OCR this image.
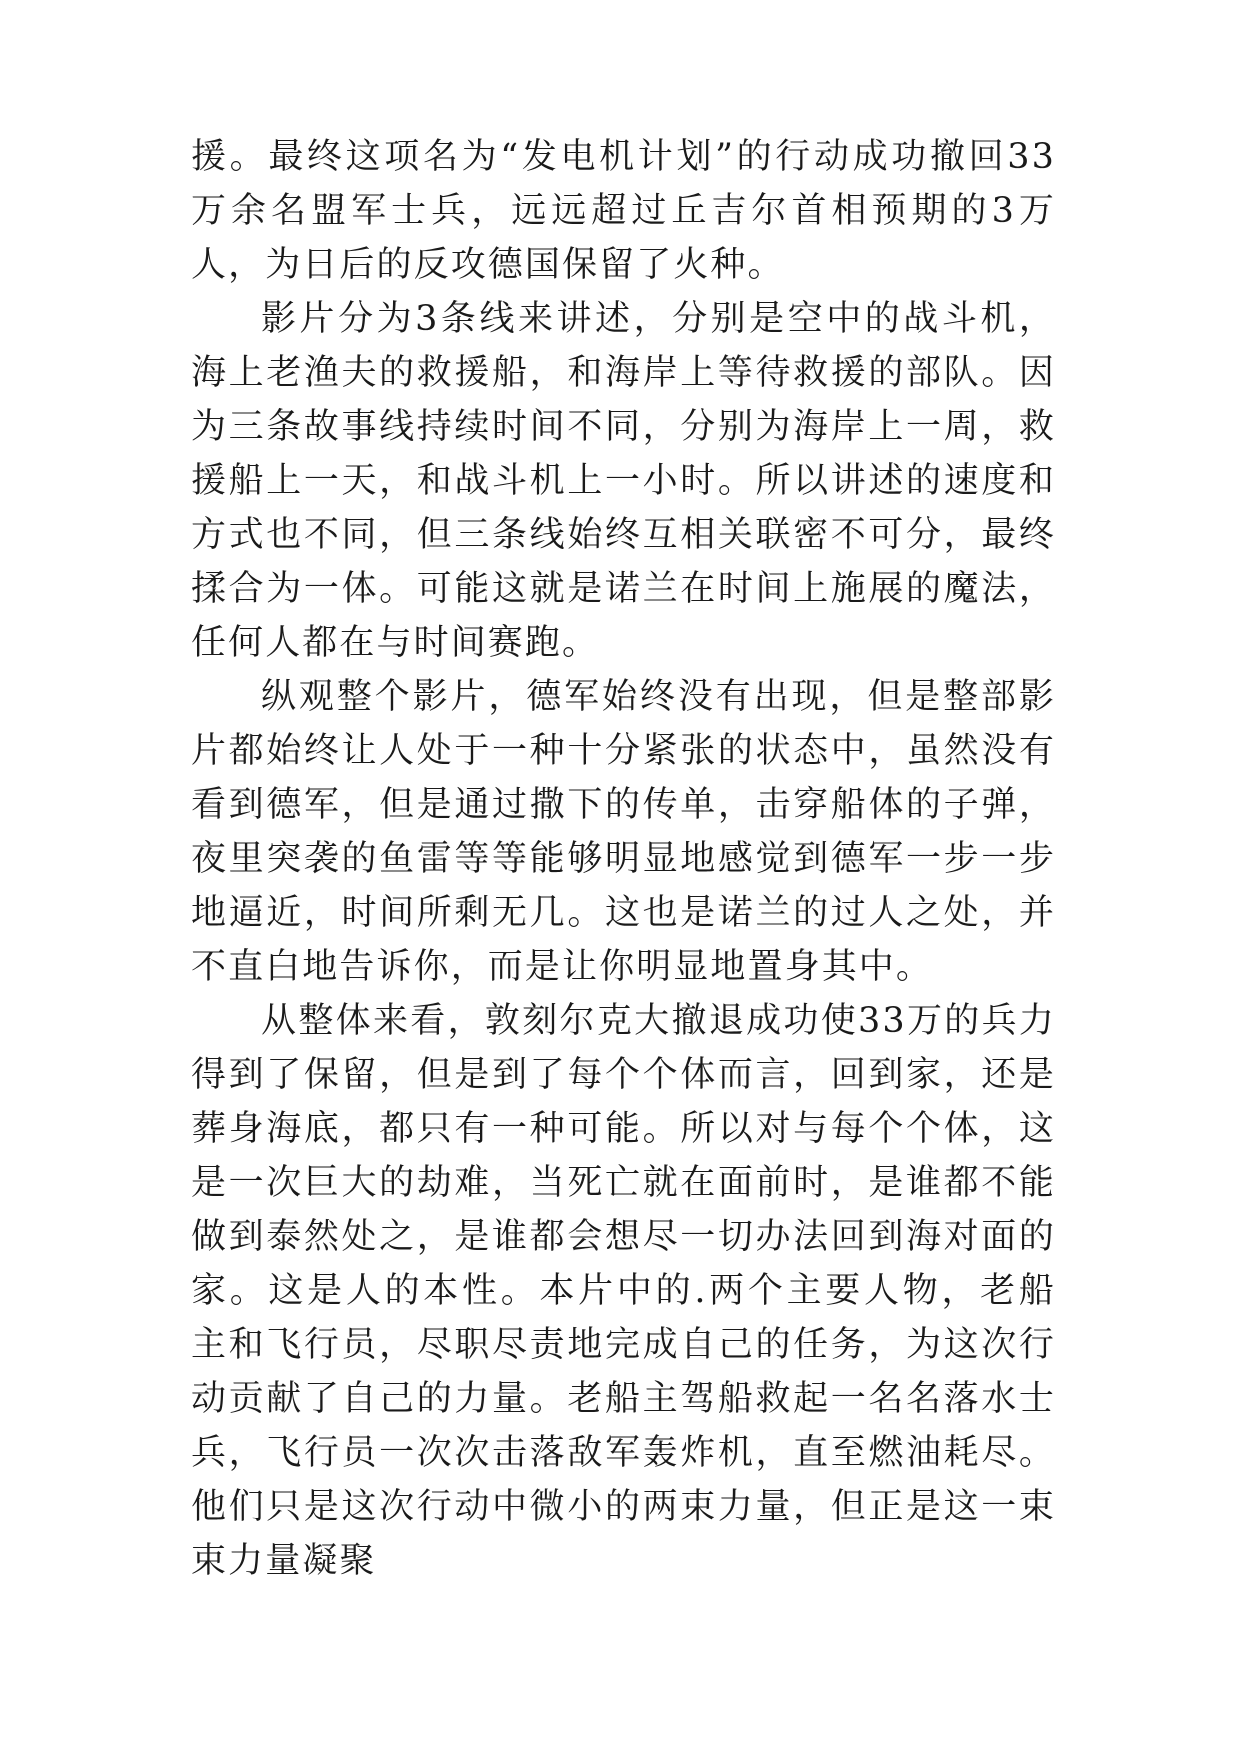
援。最终这项名为“发电机计划”的行动成功撤回33万余名盟军士兵，远远超过丘吉尔首相预期的3万人，为日后的反攻德国保留了火种。

影片分为3条线来讲述，分别是空中的战斗机，海上老渔夫的救援船，和海岸上等待救援的部队。因为三条故事线持续时间不同，分别为海岸上一周，救援船上一天，和战斗机上一小时。所以讲述的速度和方式也不同，但三条线始终互相关联密不可分，最终揉合为一体。可能这就是诺兰在时间上施展的魔法，任何人都在与时间赛跑。

纵观整个影片，德军始终没有出现，但是整部影片都始终让人处于一种十分紧张的状态中，虽然没有看到德军，但是通过撒下的传单，击穿船体的子弹，夜里突袭的鱼雷等等能够明显地感觉到德军一步一步地逼近，时间所剩无几。这也是诺兰的过人之处，并不直白地告诉你，而是让你明显地置身其中。

从整体来看，敦刻尔克大撤退成功使33万的兵力得到了保留，但是到了每个个体而言，回到家，还是葬身海底，都只有一种可能。所以对与每个个体，这是一次巨大的劫难，当死亡就在面前时，是谁都不能做到泰然处之，是谁都会想尽一切办法回到海对面的家。这是人的本性。本片中的.两个主要人物，老船主和飞行员，尽职尽责地完成自己的任务，为这次行动贡献了自己的力量。老船主驾船救起一名名落水士兵，飞行员一次次击落敌军轰炸机，直至燃油耗尽。他们只是这次行动中微小的两束力量，但正是这一束束力量凝聚
